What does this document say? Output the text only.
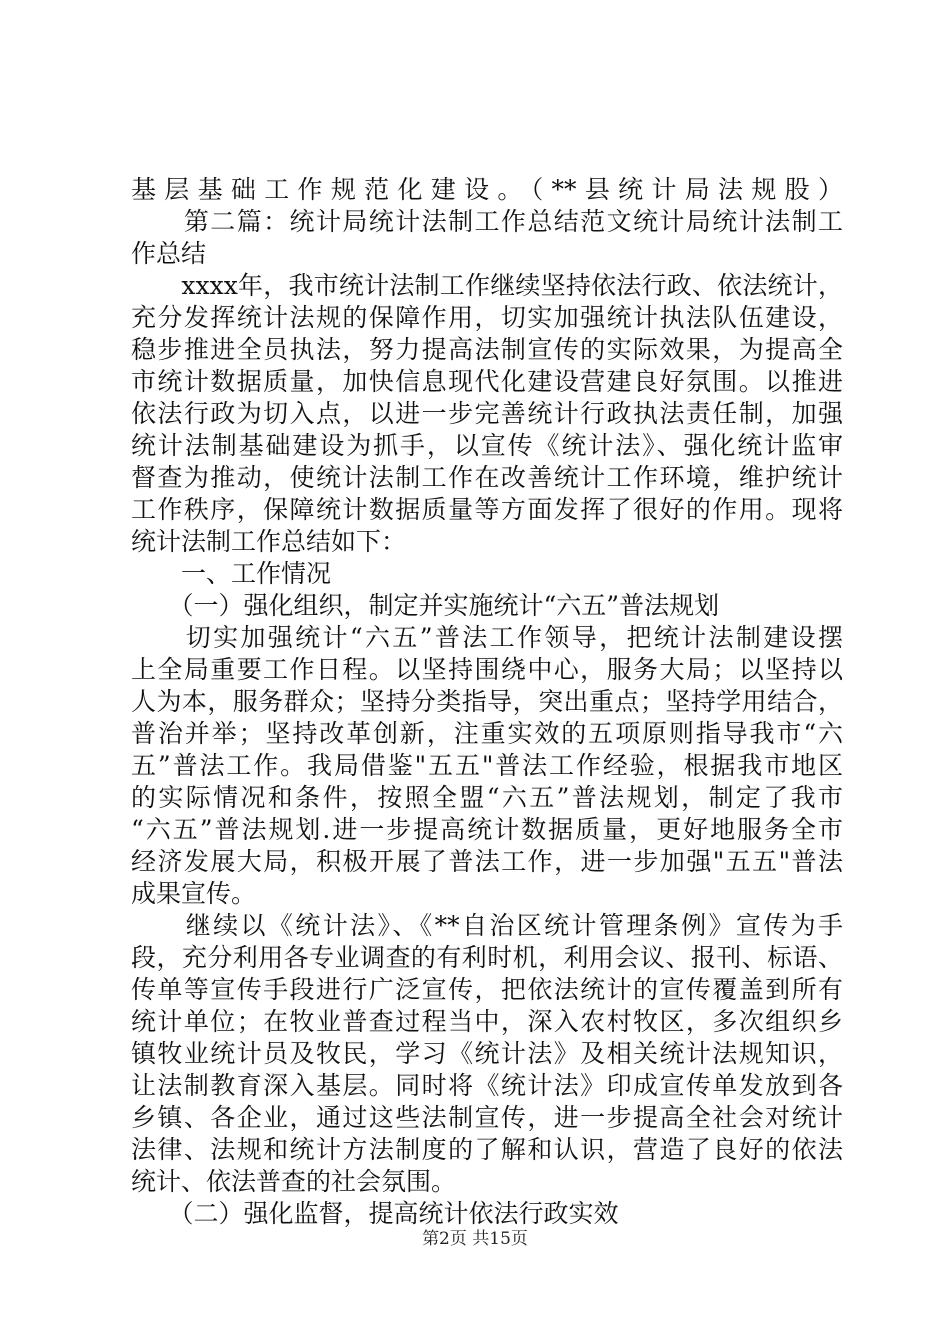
基层基础工作规范化建设。（**县统计局法规股）
　　第二篇：统计局统计法制工作总结范文统计局统计法制工
作总结
　　xxxx年，我市统计法制工作继续坚持依法行政、依法统计，
充分发挥统计法规的保障作用，切实加强统计执法队伍建设，
稳步推进全员执法，努力提高法制宣传的实际效果，为提高全
市统计数据质量，加快信息现代化建设营建良好氛围。以推进
依法行政为切入点，以进一步完善统计行政执法责任制，加强
统计法制基础建设为抓手，以宣传《统计法》、强化统计监审
督查为推动，使统计法制工作在改善统计工作环境，维护统计
工作秩序，保障统计数据质量等方面发挥了很好的作用。现将
统计法制工作总结如下：
　　一、工作情况
　　（一）强化组织，制定并实施统计“六五”普法规划
　　切实加强统计“六五”普法工作领导，把统计法制建设摆
上全局重要工作日程。以坚持围绕中心，服务大局；以坚持以
人为本，服务群众；坚持分类指导，突出重点；坚持学用结合，
普治并举；坚持改革创新，注重实效的五项原则指导我市“六
五”普法工作。我局借鉴"五五"普法工作经验，根据我市地区
的实际情况和条件，按照全盟“六五”普法规划，制定了我市
“六五”普法规划.进一步提高统计数据质量，更好地服务全市
经济发展大局，积极开展了普法工作，进一步加强"五五"普法
成果宣传。
　　继续以《统计法》、《**自治区统计管理条例》宣传为手
段，充分利用各专业调查的有利时机，利用会议、报刊、标语、
传单等宣传手段进行广泛宣传，把依法统计的宣传覆盖到所有
统计单位；在牧业普查过程当中，深入农村牧区，多次组织乡
镇牧业统计员及牧民，学习《统计法》及相关统计法规知识，
让法制教育深入基层。同时将《统计法》印成宣传单发放到各
乡镇、各企业，通过这些法制宣传，进一步提高全社会对统计
法律、法规和统计方法制度的了解和认识，营造了良好的依法
统计、依法普查的社会氛围。
　　（二）强化监督，提高统计依法行政实效
第2页 共15页
